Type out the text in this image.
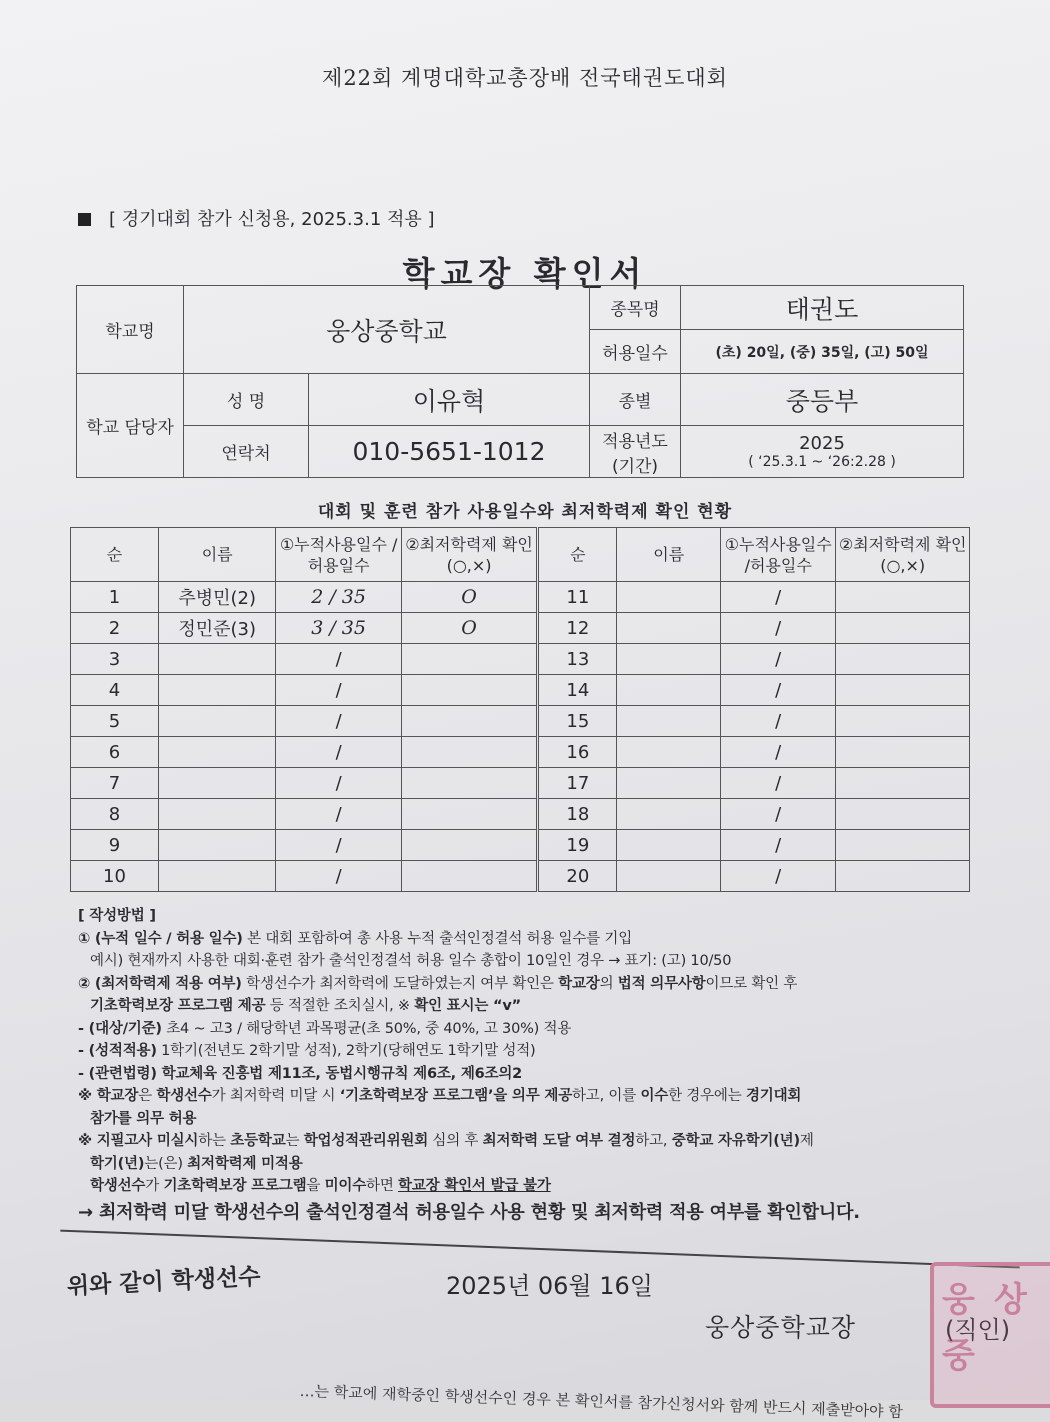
제22회 계명대학교총장배 전국태권도대회
[ 경기대회 참가 신청용, 2025.3.1 적용 ]
학교장 확인서
학교명	웅상중학교		종목명	태권도
			허용일수	(초) 20일, (중) 35일, (고) 50일
학교 담당자	성 명	이유혁	종별	중등부
	연락처	010-5651-1012	적용년도 (기간)	2025
( ‘25.3.1 ~ ‘26:2.28 )
대회 및 훈련 참가 사용일수와 최저학력제 확인 현황
순	이름	①누적사용일수 /허용일수	②최저학력제 확인(○,×)	순	이름	①누적사용일수 /허용일수	②최저학력제 확인(○,×)
1	추병민(2)	2 / 35	O	11		/	
2	정민준(3)	3 / 35	O	12		/	
3		/		13		/	
4		/		14		/	
5		/		15		/	
6		/		16		/	
7		/		17		/	
8		/		18		/	
9		/		19		/	
10		/		20		/	

[ 작성방법 ]

① (누적 일수 / 허용 일수) 본 대회 포함하여 총 사용 누적 출석인정결석 허용 일수를 기입

예시) 현재까지 사용한 대회·훈련 참가 출석인정결석 허용 일수 총합이 10일인 경우 → 표기: (고) 10/50

② (최저학력제 적용 여부) 학생선수가 최저학력에 도달하였는지 여부 확인은 학교장의 법적 의무사항이므로 확인 후

기초학력보장 프로그램 제공 등 적절한 조치실시, ※ 확인 표시는 “v”

- (대상/기준) 초4 ~ 고3 / 해당학년 과목평균(초 50%, 중 40%, 고 30%) 적용

- (성적적용) 1학기(전년도 2학기말 성적), 2학기(당해연도 1학기말 성적)

- (관련법령) 학교체육 진흥법 제11조, 동법시행규칙 제6조, 제6조의2

※ 학교장은 학생선수가 최저학력 미달 시 ‘기초학력보장 프로그램’을 의무 제공하고, 이를 이수한 경우에는 경기대회

참가를 의무 허용

※ 지필고사 미실시하는 초등학교는 학업성적관리위원회 심의 후 최저학력 도달 여부 결정하고, 중학교 자유학기(년)제

학기(년)는(은) 최저학력제 미적용

학생선수가 기초학력보장 프로그램을 미이수하면 학교장 확인서 발급 불가

→ 최저학력 미달 학생선수의 출석인정결석 허용일수 사용 현황 및 최저학력 적용 여부를 확인합니다.

위와 같이 학생선수	2025년 06월 16일
웅상중학교장
웅 상
중
(직인)
…는 학교에 재학중인 학생선수인 경우 본 확인서를 참가신청서와 함께 반드시 제출받아야 함
